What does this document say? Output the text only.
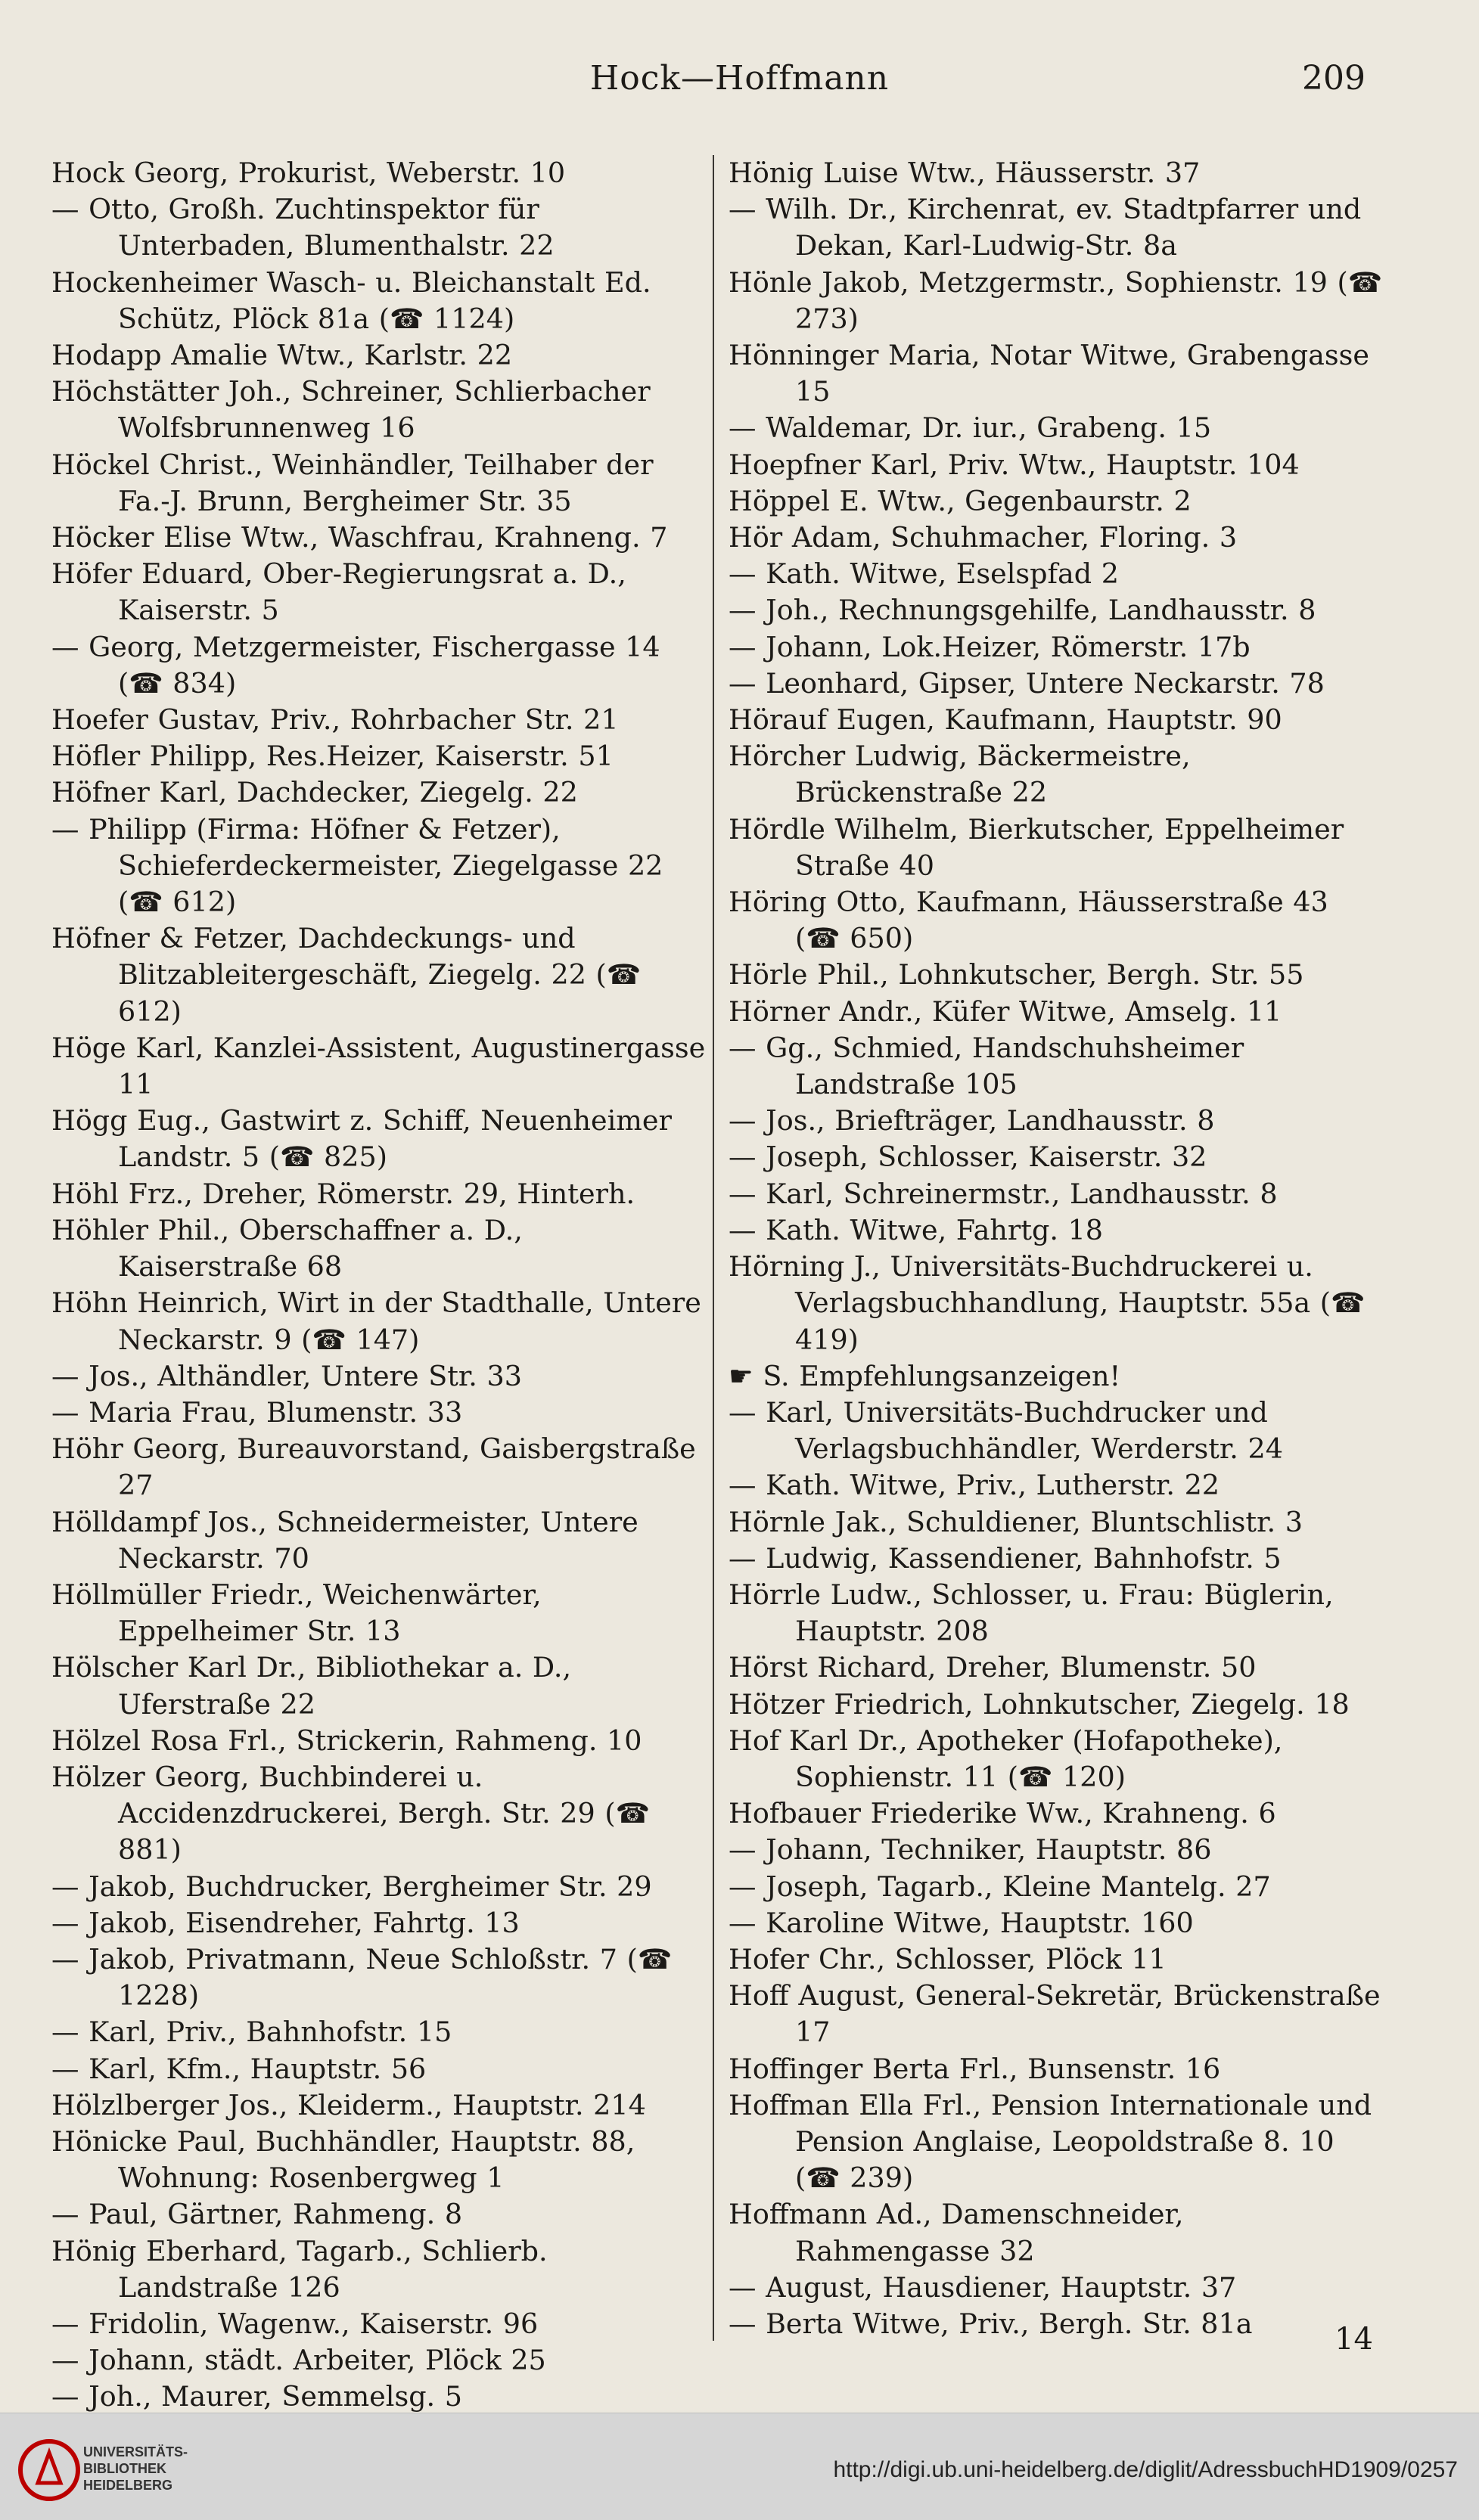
Hock—Hoffmann	209
Hock Georg, Prokurist, Weberstr. 10
— Otto, Großh. Zuchtinspektor für Unterbaden, Blumenthalstr. 22
Hockenheimer Wasch- u. Bleichanstalt Ed. Schütz, Plöck 81a (☎ 1124)
Hodapp Amalie Wtw., Karlstr. 22
Höchstätter Joh., Schreiner, Schlierbacher Wolfsbrunnenweg 16
Höckel Christ., Weinhändler, Teilhaber der Fa.-J. Brunn, Bergheimer Str. 35
Höcker Elise Wtw., Waschfrau, Krahneng. 7
Höfer Eduard, Ober-Regierungsrat a. D., Kaiserstr. 5
— Georg, Metzgermeister, Fischergasse 14 (☎ 834)
Hoefer Gustav, Priv., Rohrbacher Str. 21
Höfler Philipp, Res.Heizer, Kaiserstr. 51
Höfner Karl, Dachdecker, Ziegelg. 22
— Philipp (Firma: Höfner & Fetzer), Schieferdeckermeister, Ziegelgasse 22 (☎ 612)
Höfner & Fetzer, Dachdeckungs- und Blitzableitergeschäft, Ziegelg. 22 (☎ 612)
Höge Karl, Kanzlei-Assistent, Augustinergasse 11
Högg Eug., Gastwirt z. Schiff, Neuenheimer Landstr. 5 (☎ 825)
Höhl Frz., Dreher, Römerstr. 29, Hinterh.
Höhler Phil., Oberschaffner a. D., Kaiserstraße 68
Höhn Heinrich, Wirt in der Stadthalle, Untere Neckarstr. 9 (☎ 147)
— Jos., Althändler, Untere Str. 33
— Maria Frau, Blumenstr. 33
Höhr Georg, Bureauvorstand, Gaisbergstraße 27
Hölldampf Jos., Schneidermeister, Untere Neckarstr. 70
Höllmüller Friedr., Weichenwärter, Eppelheimer Str. 13
Hölscher Karl Dr., Bibliothekar a. D., Uferstraße 22
Hölzel Rosa Frl., Strickerin, Rahmeng. 10
Hölzer Georg, Buchbinderei u. Accidenzdruckerei, Bergh. Str. 29 (☎ 881)
— Jakob, Buchdrucker, Bergheimer Str. 29
— Jakob, Eisendreher, Fahrtg. 13
— Jakob, Privatmann, Neue Schloßstr. 7 (☎ 1228)
— Karl, Priv., Bahnhofstr. 15
— Karl, Kfm., Hauptstr. 56
Hölzlberger Jos., Kleiderm., Hauptstr. 214
Hönicke Paul, Buchhändler, Hauptstr. 88, Wohnung: Rosenbergweg 1
— Paul, Gärtner, Rahmeng. 8
Hönig Eberhard, Tagarb., Schlierb. Landstraße 126
— Fridolin, Wagenw., Kaiserstr. 96
— Johann, städt. Arbeiter, Plöck 25
— Joh., Maurer, Semmelsg. 5
Hönig Luise Wtw., Häusserstr. 37
— Wilh. Dr., Kirchenrat, ev. Stadtpfarrer und Dekan, Karl-Ludwig-Str. 8a
Hönle Jakob, Metzgermstr., Sophienstr. 19 (☎ 273)
Hönninger Maria, Notar Witwe, Grabengasse 15
— Waldemar, Dr. iur., Grabeng. 15
Hoepfner Karl, Priv. Wtw., Hauptstr. 104
Höppel E. Wtw., Gegenbaurstr. 2
Hör Adam, Schuhmacher, Floring. 3
— Kath. Witwe, Eselspfad 2
— Joh., Rechnungsgehilfe, Landhausstr. 8
— Johann, Lok.Heizer, Römerstr. 17b
— Leonhard, Gipser, Untere Neckarstr. 78
Hörauf Eugen, Kaufmann, Hauptstr. 90
Hörcher Ludwig, Bäckermeistre, Brückenstraße 22
Hördle Wilhelm, Bierkutscher, Eppelheimer Straße 40
Höring Otto, Kaufmann, Häusserstraße 43 (☎ 650)
Hörle Phil., Lohnkutscher, Bergh. Str. 55
Hörner Andr., Küfer Witwe, Amselg. 11
— Gg., Schmied, Handschuhsheimer Landstraße 105
— Jos., Briefträger, Landhausstr. 8
— Joseph, Schlosser, Kaiserstr. 32
— Karl, Schreinermstr., Landhausstr. 8
— Kath. Witwe, Fahrtg. 18
Hörning J., Universitäts-Buchdruckerei u. Verlagsbuchhandlung, Hauptstr. 55a (☎ 419)
☛ S. Empfehlungsanzeigen!
— Karl, Universitäts-Buchdrucker und Verlagsbuchhändler, Werderstr. 24
— Kath. Witwe, Priv., Lutherstr. 22
Hörnle Jak., Schuldiener, Bluntschlistr. 3
— Ludwig, Kassendiener, Bahnhofstr. 5
Hörrle Ludw., Schlosser, u. Frau: Büglerin, Hauptstr. 208
Hörst Richard, Dreher, Blumenstr. 50
Hötzer Friedrich, Lohnkutscher, Ziegelg. 18
Hof Karl Dr., Apotheker (Hofapotheke), Sophienstr. 11 (☎ 120)
Hofbauer Friederike Ww., Krahneng. 6
— Johann, Techniker, Hauptstr. 86
— Joseph, Tagarb., Kleine Mantelg. 27
— Karoline Witwe, Hauptstr. 160
Hofer Chr., Schlosser, Plöck 11
Hoff August, General-Sekretär, Brückenstraße 17
Hoffinger Berta Frl., Bunsenstr. 16
Hoffman Ella Frl., Pension Internationale und Pension Anglaise, Leopoldstraße 8. 10 (☎ 239)
Hoffmann Ad., Damenschneider, Rahmengasse 32
— August, Hausdiener, Hauptstr. 37
— Berta Witwe, Priv., Bergh. Str. 81a	14
UNIVERSITÄTS-
BIBLIOTHEK
HEIDELBERG
http://digi.ub.uni-heidelberg.de/diglit/AdressbuchHD1909/0257
